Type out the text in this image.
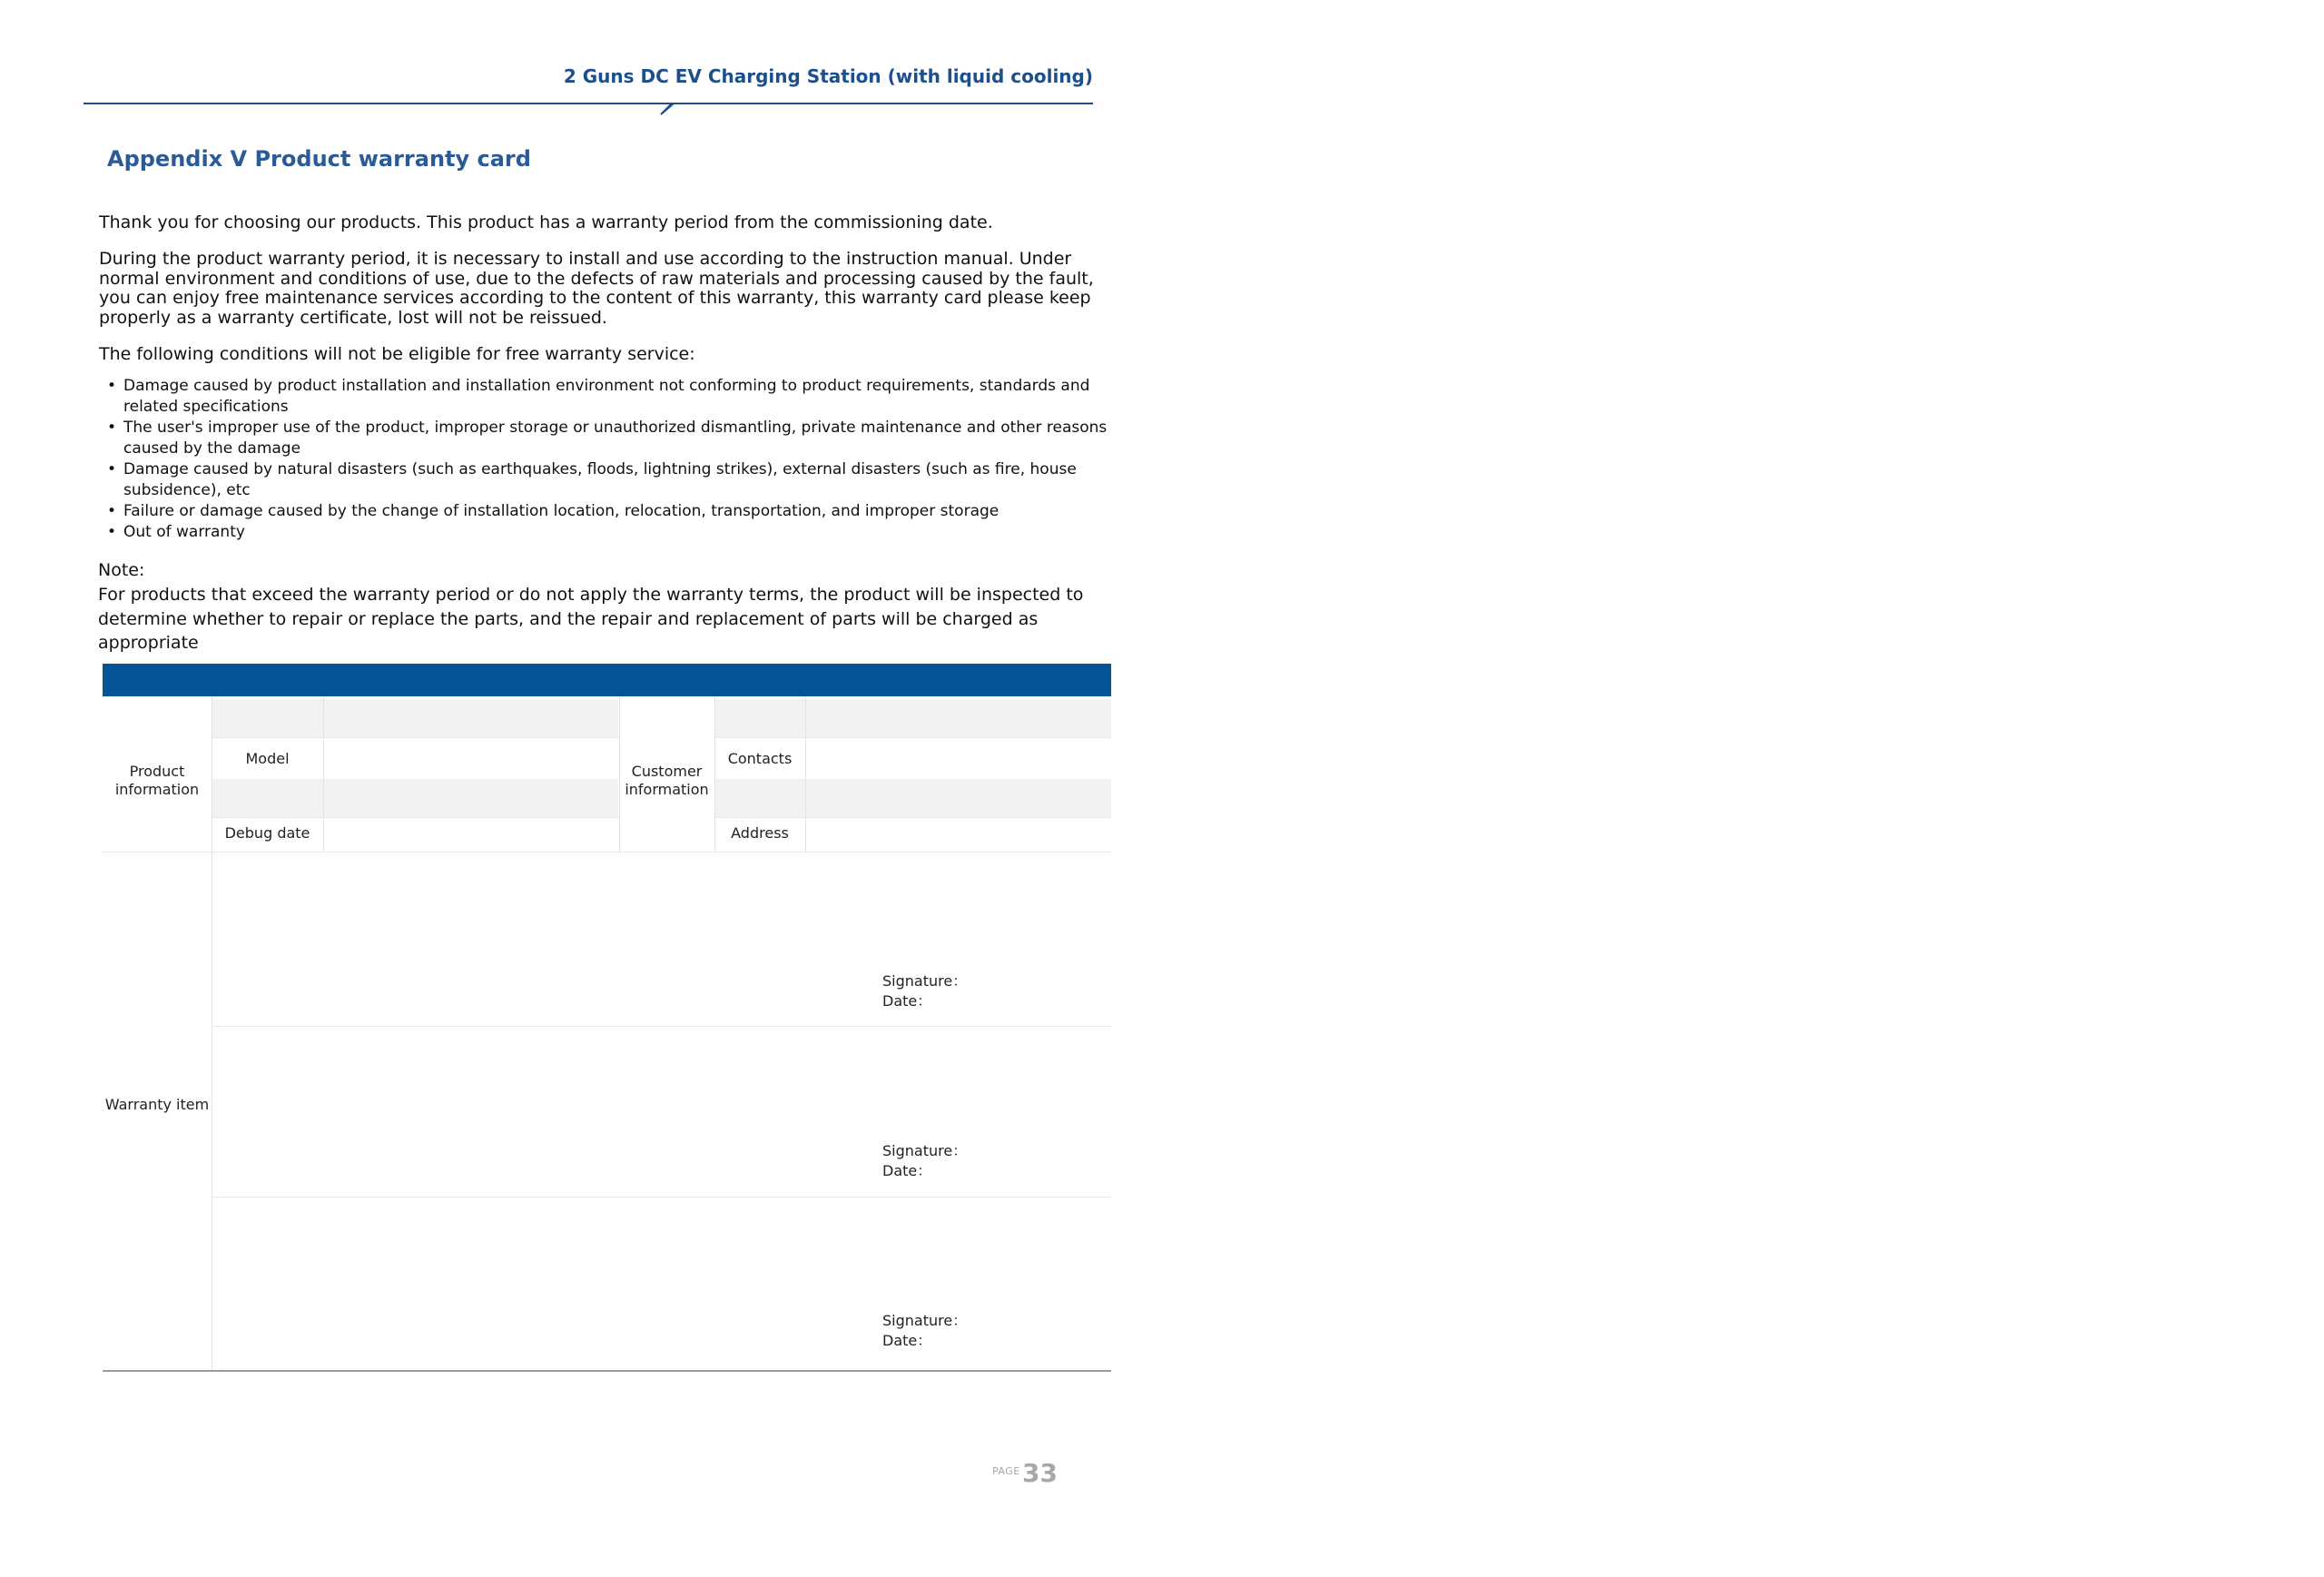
2 Guns DC EV Charging Station (with liquid cooling)
Appendix V Product warranty card

Thank you for choosing our products. This product has a warranty period from the commissioning date.

During the product warranty period, it is necessary to install and use according to the instruction manual. Under normal environment and conditions of use, due to the defects of raw materials and processing caused by the fault, you can enjoy free maintenance services according to the content of this warranty, this warranty card please keep properly as a warranty certificate, lost will not be reissued.

The following conditions will not be eligible for free warranty service:

• Damage caused by product installation and installation environment not conforming to product requirements, standards and related specifications
• The user's improper use of the product, improper storage or unauthorized dismantling, private maintenance and other reasons caused by the damage
• Damage caused by natural disasters (such as earthquakes, floods, lightning strikes), external disasters (such as fire, house subsidence), etc
• Failure or damage caused by the change of installation location, relocation, transportation, and improper storage
• Out of warranty
Note:
For products that exceed the warranty period or do not apply the warranty terms, the product will be inspected to determine whether to repair or replace the parts, and the repair and replacement of parts will be charged as appropriate
Product information
Model
Debug date
Customer information
Contacts
Address
Warranty item
Signature：
Date：
Signature：
Date：
Signature：
Date：
PAGE 33
